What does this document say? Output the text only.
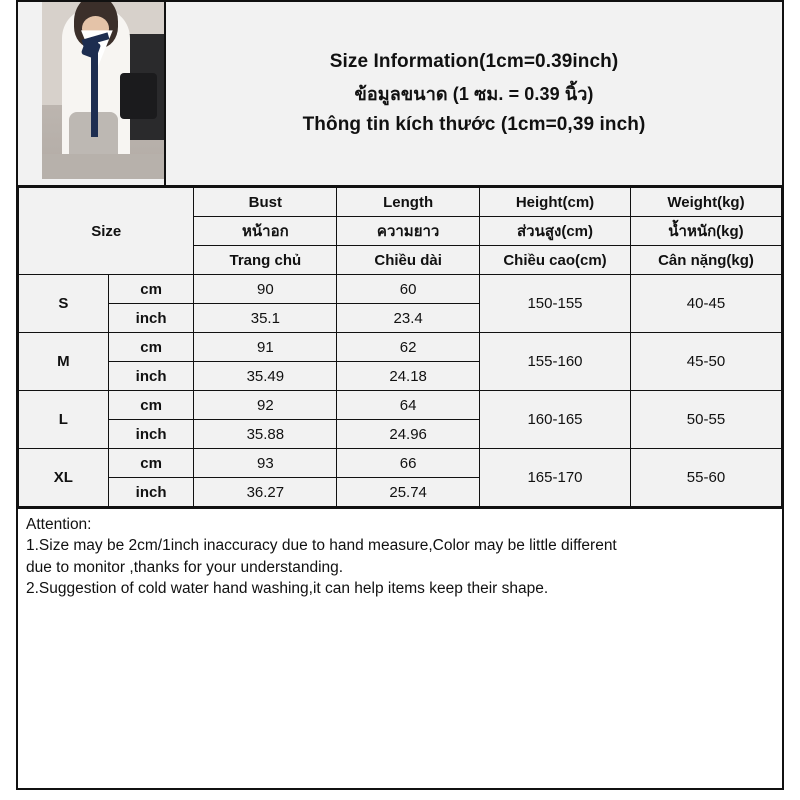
Size Information(1cm=0.39inch)
ข้อมูลขนาด (1 ซม. = 0.39 นิ้ว)
Thông tin kích thước (1cm=0,39 inch)
Size		Bust	Length	Height(cm)	Weight(kg)
		หน้าอก	ความยาว	ส่วนสูง(cm)	น้ำหนัก(kg)
		Trang chủ	Chiều dài	Chiều cao(cm)	Cân nặng(kg)
S	cm	90	60	150-155	40-45
	inch	35.1	23.4		
M	cm	91	62	155-160	45-50
	inch	35.49	24.18		
L	cm	92	64	160-165	50-55
	inch	35.88	24.96		
XL	cm	93	66	165-170	55-60
	inch	36.27	25.74		

Attention:

1.Size may be 2cm/1inch inaccuracy due to hand measure,Color may be little different

due to monitor ,thanks for your understanding.

2.Suggestion of cold water hand washing,it can help items keep their shape.
